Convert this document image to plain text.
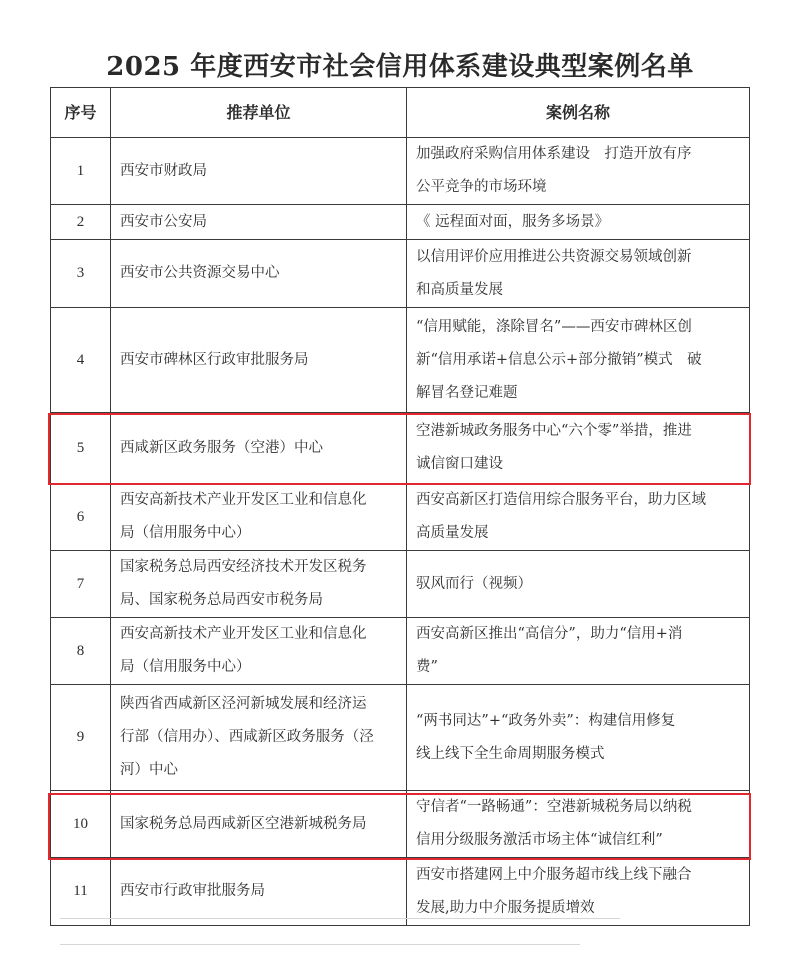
2025 年度西安市社会信用体系建设典型案例名单
序号	推荐单位	案例名称
1	西安市财政局	加强政府采购信用体系建设　打造开放有序
公平竞争的市场环境

2	西安市公安局	《 远程面对面，服务多场景》

3	西安市公共资源交易中心	以信用评价应用推进公共资源交易领域创新
和高质量发展

4	西安市碑林区行政审批服务局	“信用赋能，涤除冒名”——西安市碑林区创
新“信用承诺+信息公示+部分撤销”模式　破
解冒名登记难题

5	西咸新区政务服务（空港）中心	空港新城政务服务中心“六个零”举措，推进
诚信窗口建设

6	西安高新技术产业开发区工业和信息化
局（信用服务中心）	西安高新区打造信用综合服务平台，助力区域
高质量发展

7	国家税务总局西安经济技术开发区税务
局、国家税务总局西安市税务局	驭风而行（视频）

8	西安高新技术产业开发区工业和信息化
局（信用服务中心）	西安高新区推出“高信分”，助力“信用+消
费”

9	陕西省西咸新区泾河新城发展和经济运
行部（信用办）、西咸新区政务服务（泾
河）中心	“两书同达”+“政务外卖”：构建信用修复
线上线下全生命周期服务模式

10	国家税务总局西咸新区空港新城税务局	守信者“一路畅通”：空港新城税务局以纳税
信用分级服务激活市场主体“诚信红利”

11	西安市行政审批服务局	西安市搭建网上中介服务超市线上线下融合
发展,助力中介服务提质增效
